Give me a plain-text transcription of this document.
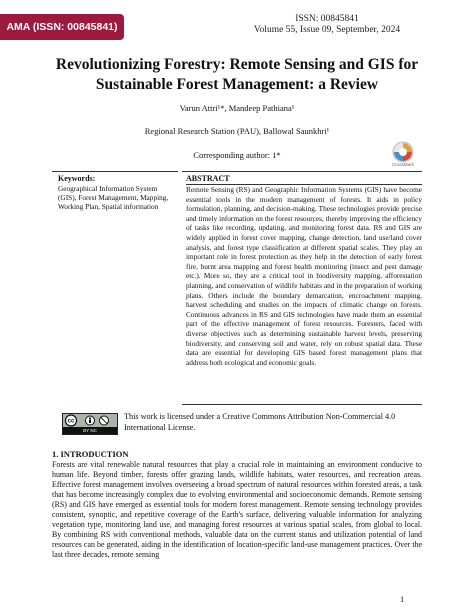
AMA (ISSN: 00845841)
ISSN: 00845841
Volume 55, Issue 09, September, 2024
Revolutionizing Forestry: Remote Sensing and GIS for Sustainable Forest Management: a Review
Varun Attri¹*, Mandeep Pathiana¹
Regional Research Station (PAU), Ballowal Saunkhri¹
Corresponding author: 1*
CrossMark
Keywords:
Geographical Information System (GIS), Forest Management, Mapping, Working Plan, Spatial information
ABSTRACT
Remote Sensing (RS) and Geographic Information Systems (GIS) have become essential tools in the modern management of forests. It aids in policy formulation, planning, and decision-making. These technologies provide precise and timely information on the forest resources, thereby improving the efficiency of tasks like recording, updating, and monitoring forest data. RS and GIS are widely applied in forest cover mapping, change detection, land use/land cover analysis, and forest type classification at different spatial scales. They play an important role in forest protection as they help in the detection of early forest fire, burnt area mapping and forest health monitoring (insect and pest damage etc.). More so, they are a critical tool in biodiversity mapping, afforestation planning, and conservation of wildlife habitats and in the preparation of working plans. Others include the boundary demarcation, encroachment mapping, harvest scheduling and studies on the impacts of climatic change on forests. Continuous advances in RS and GIS technologies have made them an essential part of the effective management of forest resources. Foresters, faced with diverse objectives such as determining sustainable harvest levels, preserving biodiversity, and conserving soil and water, rely on robust spatial data. These data are essential for developing GIS based forest management plans that address both ecological and economic goals.
cc
BY NC
This work is licensed under a Creative Commons Attribution Non-Commercial 4.0 International License.
1. INTRODUCTION
Forests are vital renewable natural resources that play a crucial role in maintaining an environment conducive to human life. Beyond timber, forests offer grazing lands, wildlife habitats, water resources, and recreation areas. Effective forest management involves overseeing a broad spectrum of natural resources within forested areas, a task that has become increasingly complex due to evolving environmental and socioeconomic demands. Remote sensing (RS) and GIS have emerged as essential tools for modern forest management. Remote sensing technology provides consistent, synoptic, and repetitive coverage of the Earth's surface, delivering valuable information for analyzing vegetation type, monitoring land use, and managing forest resources at various spatial scales, from global to local. By combining RS with conventional methods, valuable data on the current status and utilization potential of land resources can be generated, aiding in the identification of location-specific land-use management practices. Over the last three decades, remote sensing
1
